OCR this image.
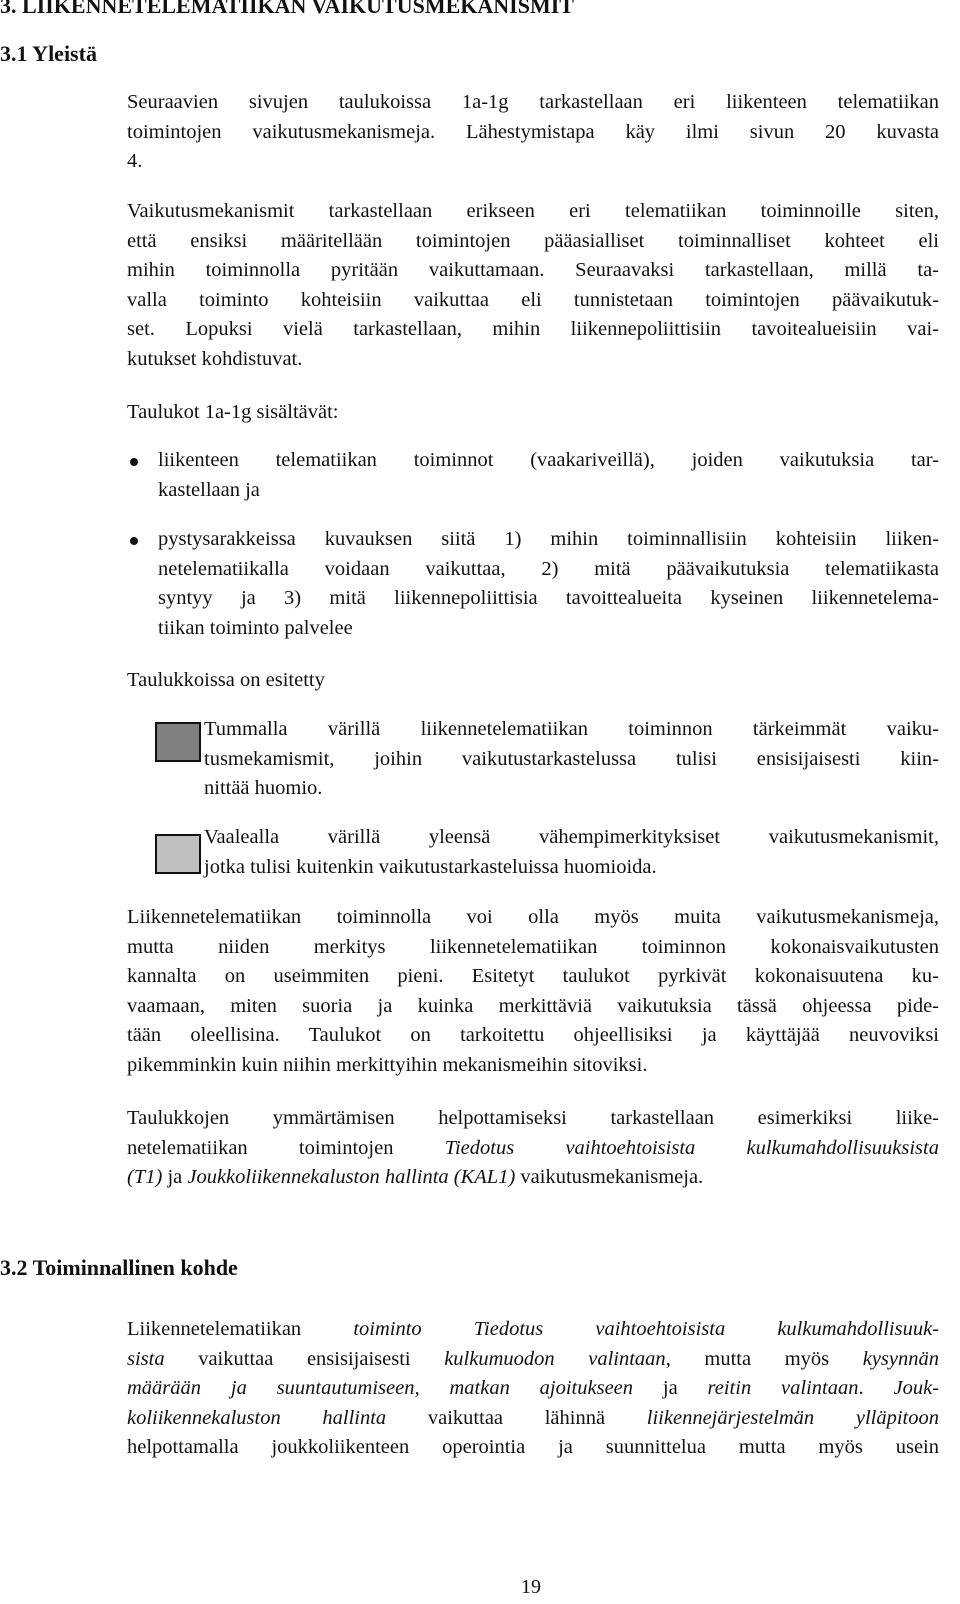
3. LIIKENNETELEMATIIKAN VAIKUTUSMEKANISMIT
3.1 Yleistä
Seuraavien sivujen taulukoissa 1a-1g tarkastellaan eri liikenteen telematiikan
toimintojen vaikutusmekanismeja. Lähestymistapa käy ilmi sivun 20 kuvasta
4.
Vaikutusmekanismit tarkastellaan erikseen eri telematiikan toiminnoille siten,
että ensiksi määritellään toimintojen pääasialliset toiminnalliset kohteet eli
mihin toiminnolla pyritään vaikuttamaan. Seuraavaksi tarkastellaan, millä ta-
valla toiminto kohteisiin vaikuttaa eli tunnistetaan toimintojen päävaikutuk-
set. Lopuksi vielä tarkastellaan, mihin liikennepoliittisiin tavoitealueisiin vai-
kutukset kohdistuvat.
Taulukot 1a-1g sisältävät:
liikenteen telematiikan toiminnot (vaakariveillä), joiden vaikutuksia tar-
kastellaan ja
pystysarakkeissa kuvauksen siitä 1) mihin toiminnallisiin kohteisiin liiken-
netelematiikalla voidaan vaikuttaa, 2) mitä päävaikutuksia telematiikasta
syntyy ja 3) mitä liikennepoliittisia tavoittealueita kyseinen liikennetelema-
tiikan toiminto palvelee
Taulukkoissa on esitetty
Tummalla värillä liikennetelematiikan toiminnon tärkeimmät vaiku-
tusmekamismit, joihin vaikutustarkastelussa tulisi ensisijaisesti kiin-
nittää huomio.
Vaalealla värillä yleensä vähempimerkityksiset vaikutusmekanismit,
jotka tulisi kuitenkin vaikutustarkasteluissa huomioida.
Liikennetelematiikan toiminnolla voi olla myös muita vaikutusmekanismeja,
mutta niiden merkitys liikennetelematiikan toiminnon kokonaisvaikutusten
kannalta on useimmiten pieni. Esitetyt taulukot pyrkivät kokonaisuutena ku-
vaamaan, miten suoria ja kuinka merkittäviä vaikutuksia tässä ohjeessa pide-
tään oleellisina. Taulukot on tarkoitettu ohjeellisiksi ja käyttäjää neuvoviksi
pikemminkin kuin niihin merkittyihin mekanismeihin sitoviksi.
Taulukkojen ymmärtämisen helpottamiseksi tarkastellaan esimerkiksi liike-
netelematiikan toimintojen Tiedotus vaihtoehtoisista kulkumahdollisuuksista
(T1) ja Joukkoliikennekaluston hallinta (KAL1) vaikutusmekanismeja.
3.2 Toiminnallinen kohde
Liikennetelematiikan toiminto Tiedotus vaihtoehtoisista kulkumahdollisuuk-
sista vaikuttaa ensisijaisesti kulkumuodon valintaan, mutta myös kysynnän
määrään ja suuntautumiseen, matkan ajoitukseen ja reitin valintaan. Jouk-
koliikennekaluston hallinta vaikuttaa lähinnä liikennejärjestelmän ylläpitoon
helpottamalla joukkoliikenteen operointia ja suunnittelua mutta myös usein
19
